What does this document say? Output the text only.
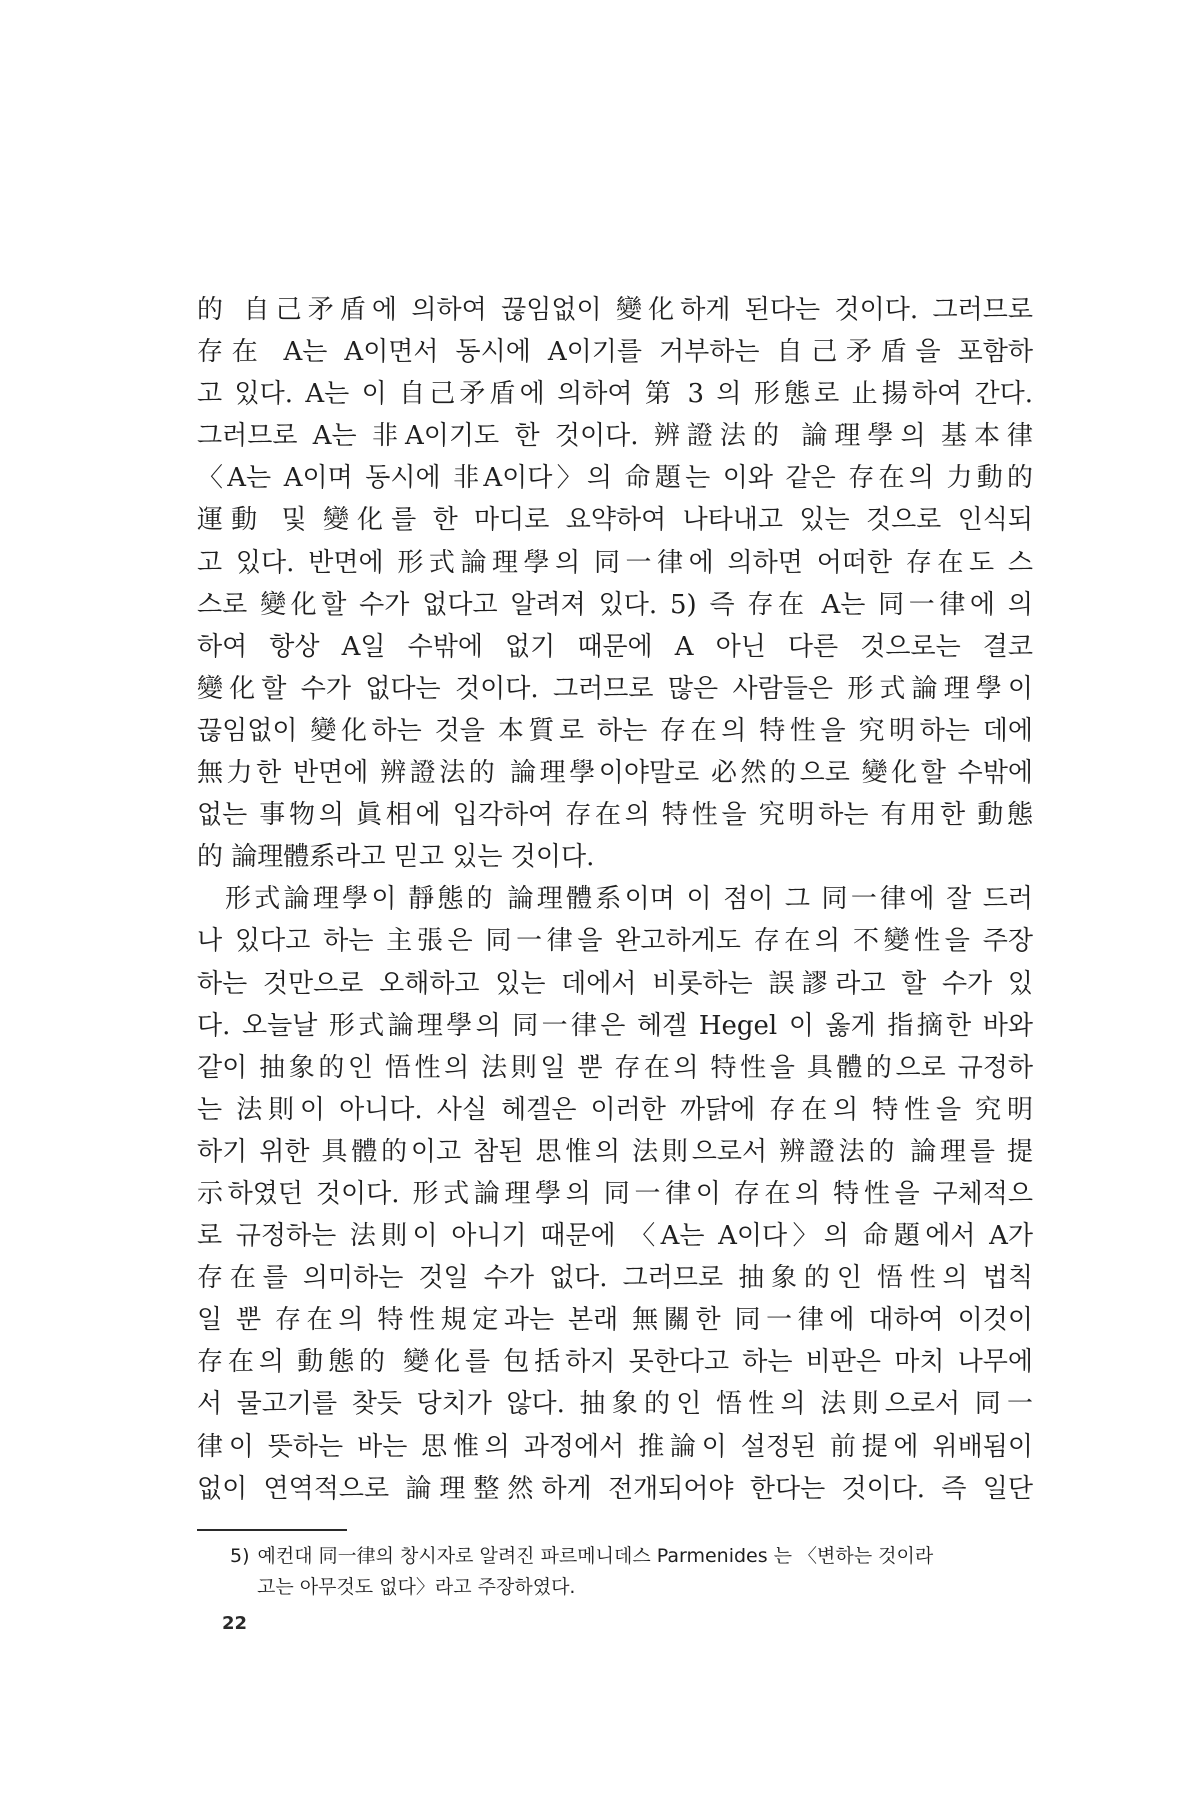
的 自己矛盾에 의하여 끊임없이 變化하게 된다는 것이다. 그러므로
存在 A는 A이면서 동시에 A이기를 거부하는 自己矛盾을 포함하
고 있다. A는 이 自己矛盾에 의하여 第 3 의 形態로 止揚하여 간다.
그러므로 A는 非A이기도 한 것이다. 辨證法的 論理學의 基本律
〈A는 A이며 동시에 非A이다〉의 命題는 이와 같은 存在의 力動的
運動 및 變化를 한 마디로 요약하여 나타내고 있는 것으로 인식되
고 있다. 반면에 形式論理學의 同一律에 의하면 어떠한 存在도 스
스로 變化할 수가 없다고 알려져 있다. 5) 즉 存在 A는 同一律에 의
하여 항상 A일 수밖에 없기 때문에 A 아닌 다른 것으로는 결코
變化할 수가 없다는 것이다. 그러므로 많은 사람들은 形式論理學이
끊임없이 變化하는 것을 本質로 하는 存在의 特性을 究明하는 데에
無力한 반면에 辨證法的 論理學이야말로 必然的으로 變化할 수밖에
없는 事物의 眞相에 입각하여 存在의 特性을 究明하는 有用한 動態
的 論理體系라고 믿고 있는 것이다.
形式論理學이 靜態的 論理體系이며 이 점이 그 同一律에 잘 드러
나 있다고 하는 主張은 同一律을 완고하게도 存在의 不變性을 주장
하는 것만으로 오해하고 있는 데에서 비롯하는 誤謬라고 할 수가 있
다. 오늘날 形式論理學의 同一律은 헤겔 Hegel 이 옳게 指摘한 바와
같이 抽象的인 悟性의 法則일 뿐 存在의 特性을 具體的으로 규정하
는 法則이 아니다. 사실 헤겔은 이러한 까닭에 存在의 特性을 究明
하기 위한 具體的이고 참된 思惟의 法則으로서 辨證法的 論理를 提
示하였던 것이다. 形式論理學의 同一律이 存在의 特性을 구체적으
로 규정하는 法則이 아니기 때문에 〈A는 A이다〉의 命題에서 A가
存在를 의미하는 것일 수가 없다. 그러므로 抽象的인 悟性의 법칙
일 뿐 存在의 特性規定과는 본래 無關한 同一律에 대하여 이것이
存在의 動態的 變化를 包括하지 못한다고 하는 비판은 마치 나무에
서 물고기를 찾듯 당치가 않다. 抽象的인 悟性의 法則으로서 同一
律이 뜻하는 바는 思惟의 과정에서 推論이 설정된 前提에 위배됨이
없이 연역적으로 論理整然하게 전개되어야 한다는 것이다. 즉 일단
5) 예컨대 同一律의 창시자로 알려진 파르메니데스 Parmenides 는 〈변하는 것이라
고는 아무것도 없다〉라고 주장하였다.
22
